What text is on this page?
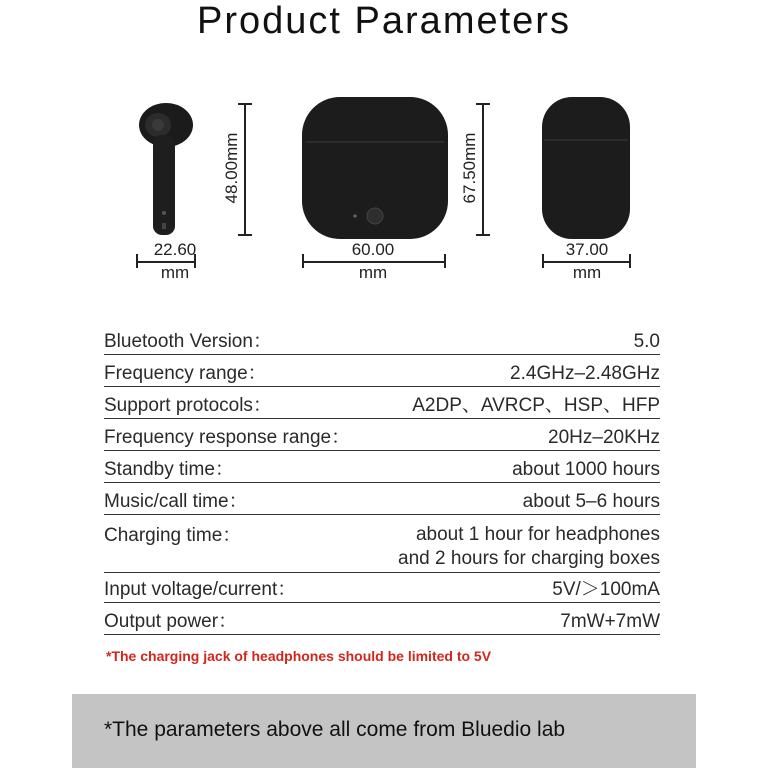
Product Parameters
48.00mm
22.60
mm
67.50mm
60.00
mm
37.00
mm
Bluetooth Version：	5.0
Frequency range：	2.4GHz–2.48GHz
Support protocols：	A2DP、AVRCP、HSP、HFP
Frequency response range：	20Hz–20KHz
Standby time：	about 1000 hours
Music/call time：	about 5–6 hours
Charging time：	about 1 hour for headphones
and 2 hours for charging boxes
Input voltage/current：	5V/＞100mA
Output power：	7mW+7mW
*The charging jack of headphones should be limited to 5V
*The parameters above all come from Bluedio lab
